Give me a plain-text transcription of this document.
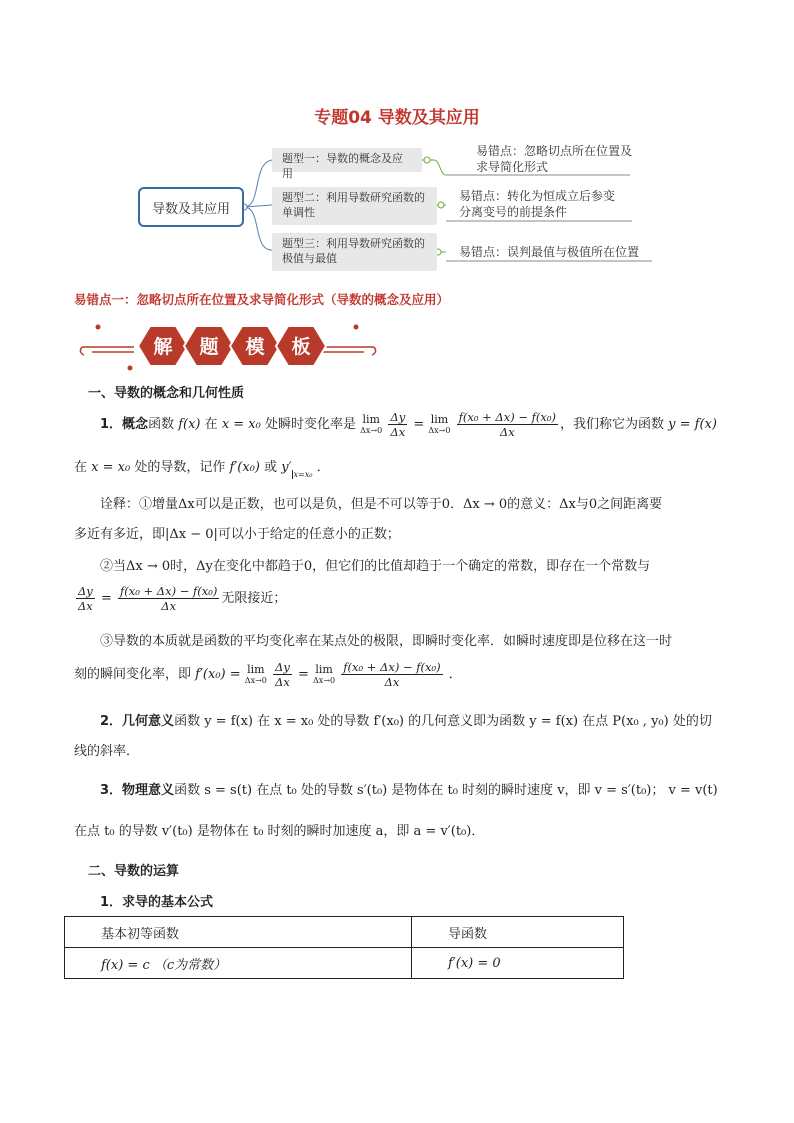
专题04 导数及其应用
导数及其应用
题型一：导数的概念及应用
易错点：忽略切点所在位置及
求导简化形式
题型二：利用导数研究函数的
单调性
易错点：转化为恒成立后参变
分离变号的前提条件
题型三：利用导数研究函数的
极值与最值	易错点：误判最值与极值所在位置
易错点一：忽略切点所在位置及求导简化形式（导数的概念及应用）
解 题 模 板
一、导数的概念和几何性质
1．概念函数 f(x) 在 x = x₀ 处瞬时变化率是 lim
Δx→0
$\frac{\Delta y}{\Delta x} = \lim$
Δx→0
$\frac{\text{f(x₀ + Δx) − f(x₀)}}{\Delta x}$ ，我们称它为函数 y = f(x)
在 x = x₀ 处的导数，记作 f′(x₀) 或 y′ $_{x=x_0}$ ．
诠释：①增量Δx可以是正数，也可以是负，但是不可以等于0．Δx → 0的意义：Δx与0之间距离要
多近有多近，即|Δx − 0|可以小于给定的任意小的正数；
②当Δx → 0时，Δy在变化中都趋于0，但它们的比值却趋于一个确定的常数，即存在一个常数与
$\frac{\Delta y}{\Delta x} = \frac{\text{f(x₀ + Δx) − f(x₀)}}{\Delta x}$ 无限接近；
③导数的本质就是函数的平均变化率在某点处的极限，即瞬时变化率．如瞬时速度即是位移在这一时
刻的瞬间变化率，即 f′(x₀) = lim
Δx→0
$\frac{\Delta y}{\Delta x} = \lim$
Δx→0
$\frac{\text{f(x₀ + Δx) − f(x₀)}}{\Delta x}$ ．
2．几何意义函数 y = f(x) 在 x = x₀ 处的导数 f′(x₀) 的几何意义即为函数 y = f(x) 在点 P(x₀ , y₀) 处的切
线的斜率．
3．物理意义函数 s = s(t) 在点 t₀ 处的导数 s′(t₀) 是物体在 t₀ 时刻的瞬时速度 v，即 v = s′(t₀)； v = v(t)
在点 t₀ 的导数 v′(t₀) 是物体在 t₀ 时刻的瞬时加速度 a，即 a = v′(t₀)．
二、导数的运算
1．求导的基本公式
基本初等函数	导函数
f(x) = c （c为常数）	f′(x) = 0
